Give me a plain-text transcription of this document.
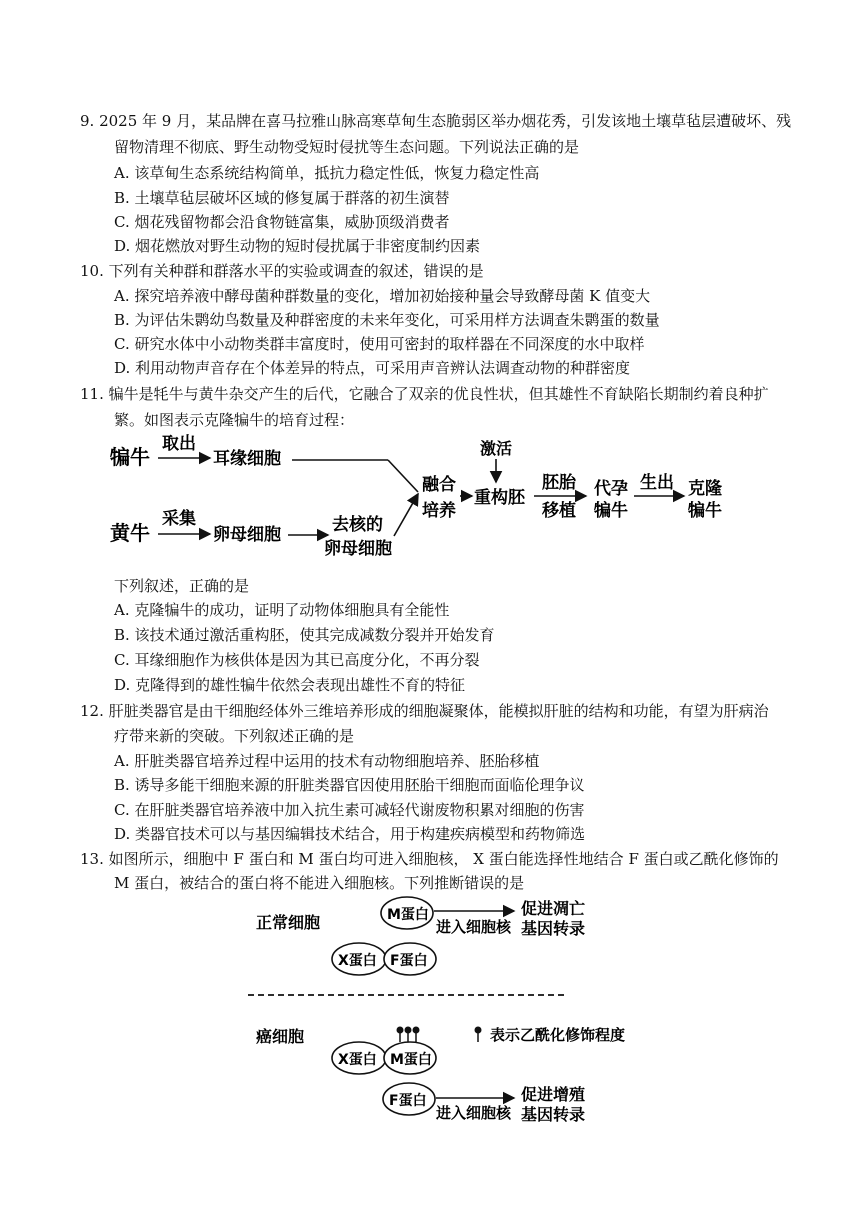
9. 2025 年 9 月，某品牌在喜马拉雅山脉高寒草甸生态脆弱区举办烟花秀，引发该地土壤草毡层遭破坏、残
留物清理不彻底、野生动物受短时侵扰等生态问题。下列说法正确的是
A. 该草甸生态系统结构简单，抵抗力稳定性低，恢复力稳定性高
B. 土壤草毡层破坏区域的修复属于群落的初生演替
C. 烟花残留物都会沿食物链富集，威胁顶级消费者
D. 烟花燃放对野生动物的短时侵扰属于非密度制约因素
10. 下列有关种群和群落水平的实验或调查的叙述，错误的是
A. 探究培养液中酵母菌种群数量的变化，增加初始接种量会导致酵母菌 K 值变大
B. 为评估朱鹮幼鸟数量及种群密度的未来年变化，可采用样方法调查朱鹮蛋的数量
C. 研究水体中小动物类群丰富度时，使用可密封的取样器在不同深度的水中取样
D. 利用动物声音存在个体差异的特点，可采用声音辨认法调查动物的种群密度
11. 犏牛是牦牛与黄牛杂交产生的后代，它融合了双亲的优良性状，但其雄性不育缺陷长期制约着良种扩
繁。如图表示克隆犏牛的培育过程：
犏牛
取出
耳缘细胞
黄牛
采集
卵母细胞	去核的
卵母细胞
融合
培养
激活
重构胚
胚胎
移植
代孕
犏牛
生出 克隆
犏牛
下列叙述，正确的是
A. 克隆犏牛的成功，证明了动物体细胞具有全能性
B. 该技术通过激活重构胚，使其完成减数分裂并开始发育
C. 耳缘细胞作为核供体是因为其已高度分化，不再分裂
D. 克隆得到的雄性犏牛依然会表现出雄性不育的特征
12. 肝脏类器官是由干细胞经体外三维培养形成的细胞凝聚体，能模拟肝脏的结构和功能，有望为肝病治
疗带来新的突破。下列叙述正确的是
A. 肝脏类器官培养过程中运用的技术有动物细胞培养、胚胎移植
B. 诱导多能干细胞来源的肝脏类器官因使用胚胎干细胞而面临伦理争议
C. 在肝脏类器官培养液中加入抗生素可减轻代谢废物积累对细胞的伤害
D. 类器官技术可以与基因编辑技术结合，用于构建疾病模型和药物筛选
13. 如图所示，细胞中 F 蛋白和 M 蛋白均可进入细胞核， X 蛋白能选择性地结合 F 蛋白或乙酰化修饰的
M 蛋白，被结合的蛋白将不能进入细胞核。下列推断错误的是
正常细胞	M蛋白
进入细胞核
促进凋亡
基因转录
X蛋白 F蛋白
癌细胞
X蛋白 M蛋白
表示乙酰化修饰程度
F蛋白
进入细胞核
促进增殖
基因转录
